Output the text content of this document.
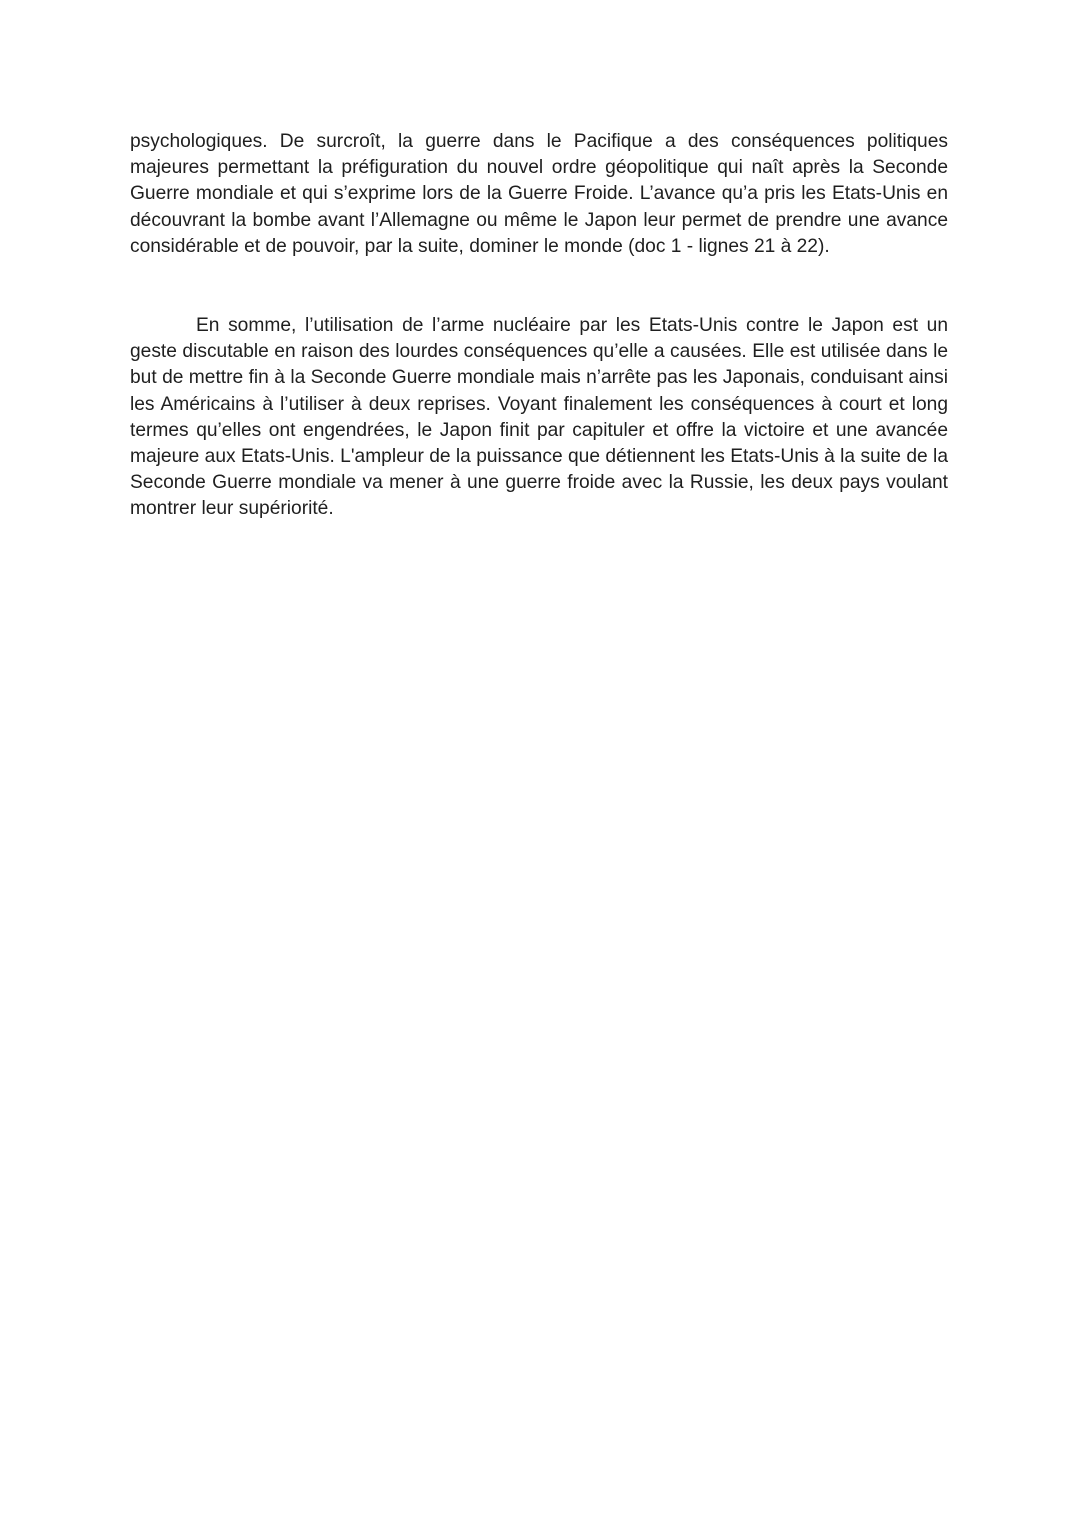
psychologiques. De surcroît, la guerre dans le Pacifique a des conséquences politiques majeures permettant la préfiguration du nouvel ordre géopolitique qui naît après la Seconde Guerre mondiale et qui s’exprime lors de la Guerre Froide. L’avance qu’a pris les Etats-Unis en découvrant la bombe avant l’Allemagne ou même le Japon leur permet de prendre une avance considérable et de pouvoir, par la suite, dominer le monde (doc 1 - lignes 21 à 22).

En somme, l’utilisation de l’arme nucléaire par les Etats-Unis contre le Japon est un geste discutable en raison des lourdes conséquences qu’elle a causées. Elle est utilisée dans le but de mettre fin à la Seconde Guerre mondiale mais n’arrête pas les Japonais, conduisant ainsi les Américains à l’utiliser à deux reprises. Voyant finalement les conséquences à court et long termes qu’elles ont engendrées, le Japon finit par capituler et offre la victoire et une avancée majeure aux Etats-Unis. L'ampleur de la puissance que détiennent les Etats-Unis à la suite de la Seconde Guerre mondiale va mener à une guerre froide avec la Russie, les deux pays voulant montrer leur supériorité.
